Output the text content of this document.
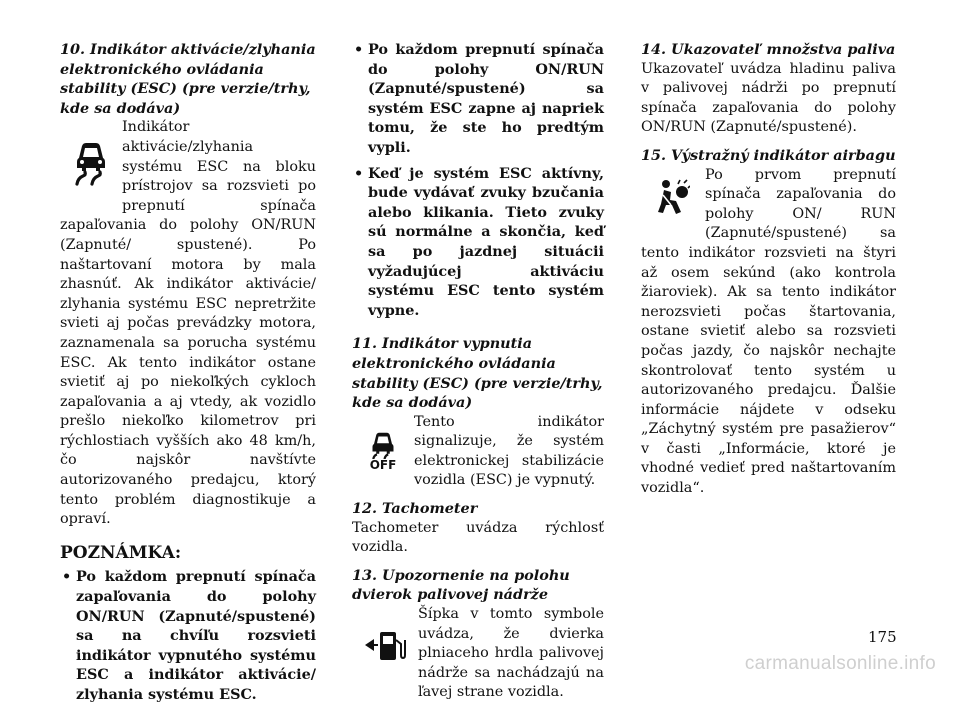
10. Indikátor aktivácie/zlyhania elektronického ovládania stability (ESC) (pre verzie/trhy, kde sa dodáva)

Indikátor aktivácie/zlyhania systému ESC na bloku prístrojov sa rozsvieti po prepnutí spínača zapaľovania do polohy ON/RUN (Zapnuté/ spustené). Po naštartovaní motora by mala zhasnúť. Ak indikátor aktivácie/ zlyhania systému ESC nepretržite svieti aj počas prevádzky motora, zaznamenala sa porucha systému ESC. Ak tento indikátor ostane svietiť aj po niekoľkých cykloch zapaľovania a aj vtedy, ak vozidlo prešlo niekoľko kilometrov pri rýchlostiach vyšších ako 48 km/h, čo najskôr navštívte autorizovaného predajcu, ktorý tento problém diagnostikuje a opraví.

POZNÁMKA:
• Po každom prepnutí spínača zapaľovania do polohy ON/RUN (Zapnuté/spustené) sa na chvíľu rozsvieti indikátor vypnutého systému ESC a indikátor aktivácie/ zlyhania systému ESC.
• Po každom prepnutí spínača do polohy ON/RUN (Zapnuté/spustené) sa systém ESC zapne aj napriek tomu, že ste ho predtým vypli.
• Keď je systém ESC aktívny, bude vydávať zvuky bzučania alebo klikania. Tieto zvuky sú normálne a skončia, keď sa po jazdnej situácii vyžadujúcej aktiváciu systému ESC tento systém vypne.
11. Indikátor vypnutia elektronického ovládania stability (ESC) (pre verzie/trhy, kde sa dodáva)
OFF

Tento indikátor signalizuje, že systém elektronickej stabilizácie vozidla (ESC) je vypnutý.

12. Tachometer

Tachometer uvádza rýchlosť vozidla.

13. Upozornenie na polohu dvierok palivovej nádrže

Šípka v tomto symbole uvádza, že dvierka plniaceho hrdla palivovej nádrže sa nachádzajú na ľavej strane vozidla.

14. Ukazovateľ množstva paliva

Ukazovateľ uvádza hladinu paliva v palivovej nádrži po prepnutí spínača zapaľovania do polohy ON/RUN (Zapnuté/spustené).

15. Výstražný indikátor airbagu

Po prvom prepnutí spínača zapaľovania do polohy ON/ RUN (Zapnuté/spustené) sa tento indikátor rozsvieti na štyri až osem sekúnd (ako kontrola žiaroviek). Ak sa tento indikátor nerozsvieti počas štartovania, ostane svietiť alebo sa rozsvieti počas jazdy, čo najskôr nechajte skontrolovať tento systém u autorizovaného predajcu. Ďalšie informácie nájdete v odseku „Záchytný systém pre pasažierov“ v časti „Informácie, ktoré je vhodné vedieť pred naštartovaním vozidla“.

175
carmanualsonline.info
